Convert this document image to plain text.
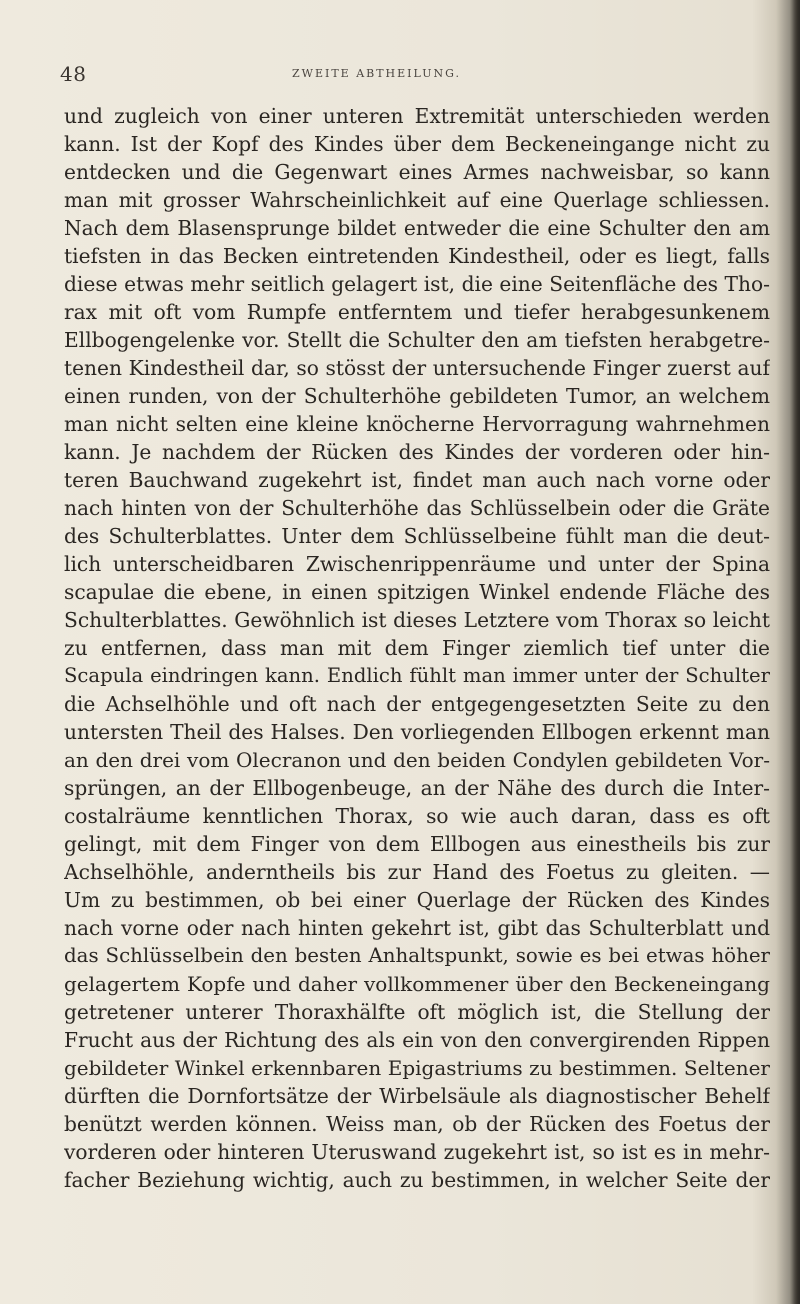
48	ZWEITE ABTHEILUNG.
und zugleich von einer unteren Extremität unterschieden werden
kann. Ist der Kopf des Kindes über dem Beckeneingange nicht zu
entdecken und die Gegenwart eines Armes nachweisbar, so kann
man mit grosser Wahrscheinlichkeit auf eine Querlage schliessen.
Nach dem Blasensprunge bildet entweder die eine Schulter den am
tiefsten in das Becken eintretenden Kindestheil, oder es liegt, falls
diese etwas mehr seitlich gelagert ist, die eine Seitenfläche des Tho-
rax mit oft vom Rumpfe entferntem und tiefer herabgesunkenem
Ellbogengelenke vor. Stellt die Schulter den am tiefsten herabgetre-
tenen Kindestheil dar, so stösst der untersuchende Finger zuerst auf
einen runden, von der Schulterhöhe gebildeten Tumor, an welchem
man nicht selten eine kleine knöcherne Hervorragung wahrnehmen
kann. Je nachdem der Rücken des Kindes der vorderen oder hin-
teren Bauchwand zugekehrt ist, findet man auch nach vorne oder
nach hinten von der Schulterhöhe das Schlüsselbein oder die Gräte
des Schulterblattes. Unter dem Schlüsselbeine fühlt man die deut-
lich unterscheidbaren Zwischenrippenräume und unter der Spina
scapulae die ebene, in einen spitzigen Winkel endende Fläche des
Schulterblattes. Gewöhnlich ist dieses Letztere vom Thorax so leicht
zu entfernen, dass man mit dem Finger ziemlich tief unter die
Scapula eindringen kann. Endlich fühlt man immer unter der Schulter
die Achselhöhle und oft nach der entgegengesetzten Seite zu den
untersten Theil des Halses. Den vorliegenden Ellbogen erkennt man
an den drei vom Olecranon und den beiden Condylen gebildeten Vor-
sprüngen, an der Ellbogenbeuge, an der Nähe des durch die Inter-
costalräume kenntlichen Thorax, so wie auch daran, dass es oft
gelingt, mit dem Finger von dem Ellbogen aus einestheils bis zur
Achselhöhle, anderntheils bis zur Hand des Foetus zu gleiten. —
Um zu bestimmen, ob bei einer Querlage der Rücken des Kindes
nach vorne oder nach hinten gekehrt ist, gibt das Schulterblatt und
das Schlüsselbein den besten Anhaltspunkt, sowie es bei etwas höher
gelagertem Kopfe und daher vollkommener über den Beckeneingang
getretener unterer Thoraxhälfte oft möglich ist, die Stellung der
Frucht aus der Richtung des als ein von den convergirenden Rippen
gebildeter Winkel erkennbaren Epigastriums zu bestimmen. Seltener
dürften die Dornfortsätze der Wirbelsäule als diagnostischer Behelf
benützt werden können. Weiss man, ob der Rücken des Foetus der
vorderen oder hinteren Uteruswand zugekehrt ist, so ist es in mehr-
facher Beziehung wichtig, auch zu bestimmen, in welcher Seite der
